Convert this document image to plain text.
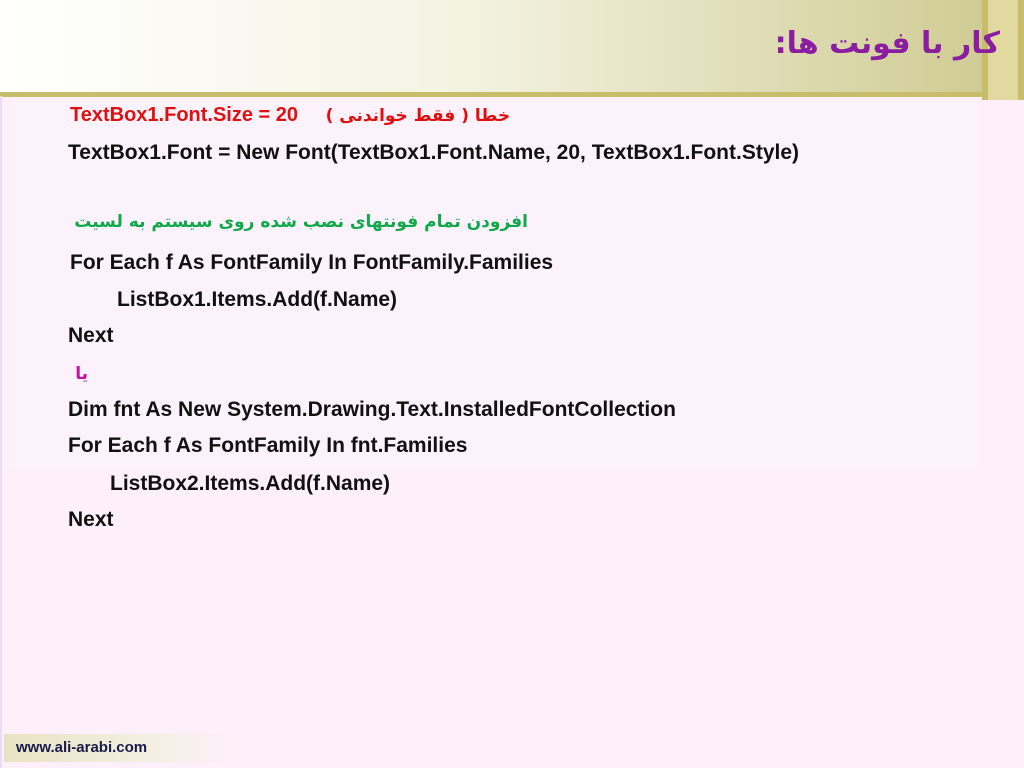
کار با فونت ها:
TextBox1.Font.Size = 20 خطا ( فقط خواندنی )
TextBox1.Font = New Font(TextBox1.Font.Name, 20, TextBox1.Font.Style)
افزودن تمام فونتهای نصب شده روی سیستم به لسیت
For Each f As FontFamily In FontFamily.Families
ListBox1.Items.Add(f.Name)
Next
یا
Dim fnt As New System.Drawing.Text.InstalledFontCollection
For Each f As FontFamily In fnt.Families
ListBox2.Items.Add(f.Name)
Next
www.ali-arabi.com
